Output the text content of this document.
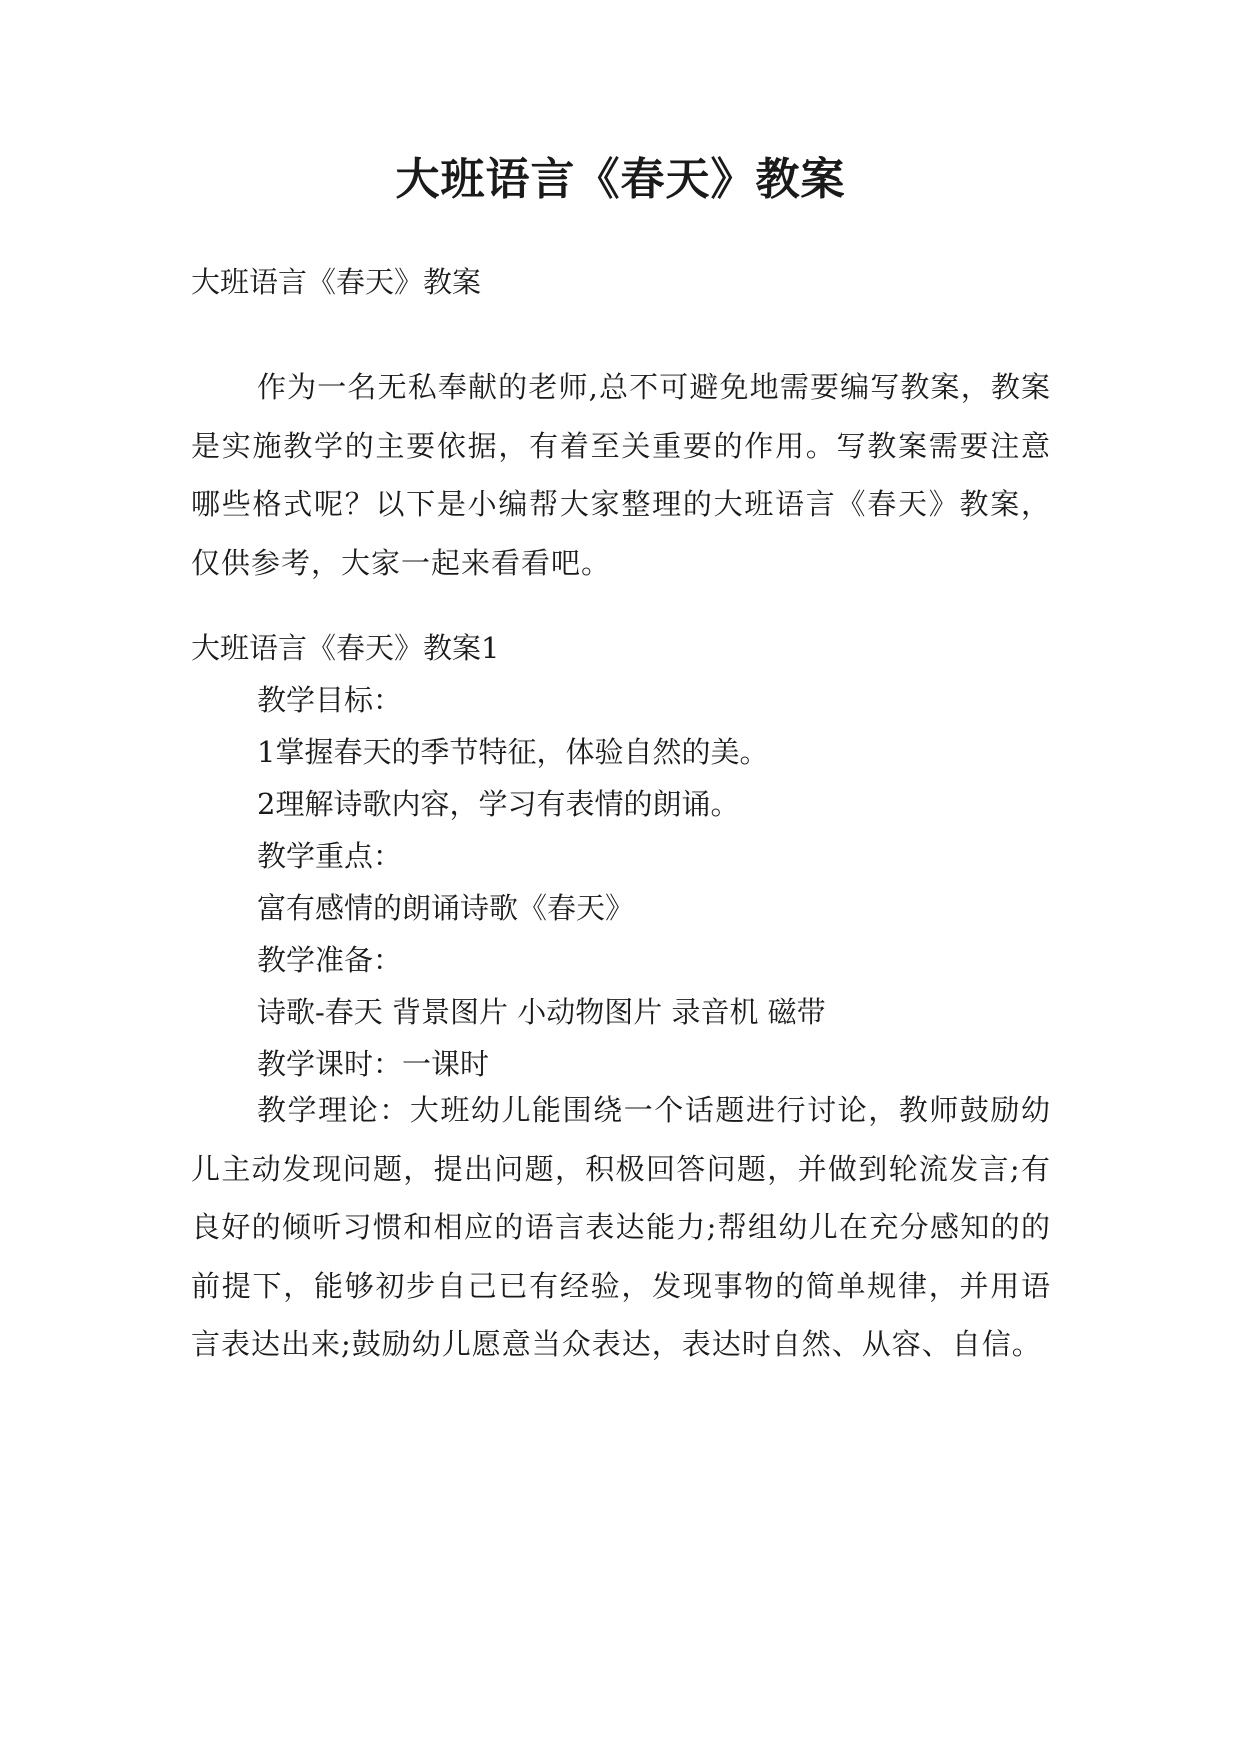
大班语言《春天》教案

大班语言《春天》教案

作为一名无私奉献的老师,总不可避免地需要编写教案，教案是实施教学的主要依据，有着至关重要的作用。写教案需要注意哪些格式呢？以下是小编帮大家整理的大班语言《春天》教案，仅供参考，大家一起来看看吧。

大班语言《春天》教案1

教学目标：

1掌握春天的季节特征，体验自然的美。

2理解诗歌内容，学习有表情的朗诵。

教学重点：

富有感情的朗诵诗歌《春天》

教学准备：

诗歌-春天 背景图片 小动物图片 录音机 磁带

教学课时：一课时

教学理论：大班幼儿能围绕一个话题进行讨论，教师鼓励幼儿主动发现问题，提出问题，积极回答问题，并做到轮流发言;有良好的倾听习惯和相应的语言表达能力;帮组幼儿在充分感知的的前提下，能够初步自己已有经验，发现事物的简单规律，并用语言表达出来;鼓励幼儿愿意当众表达，表达时自然、从容、自信。
